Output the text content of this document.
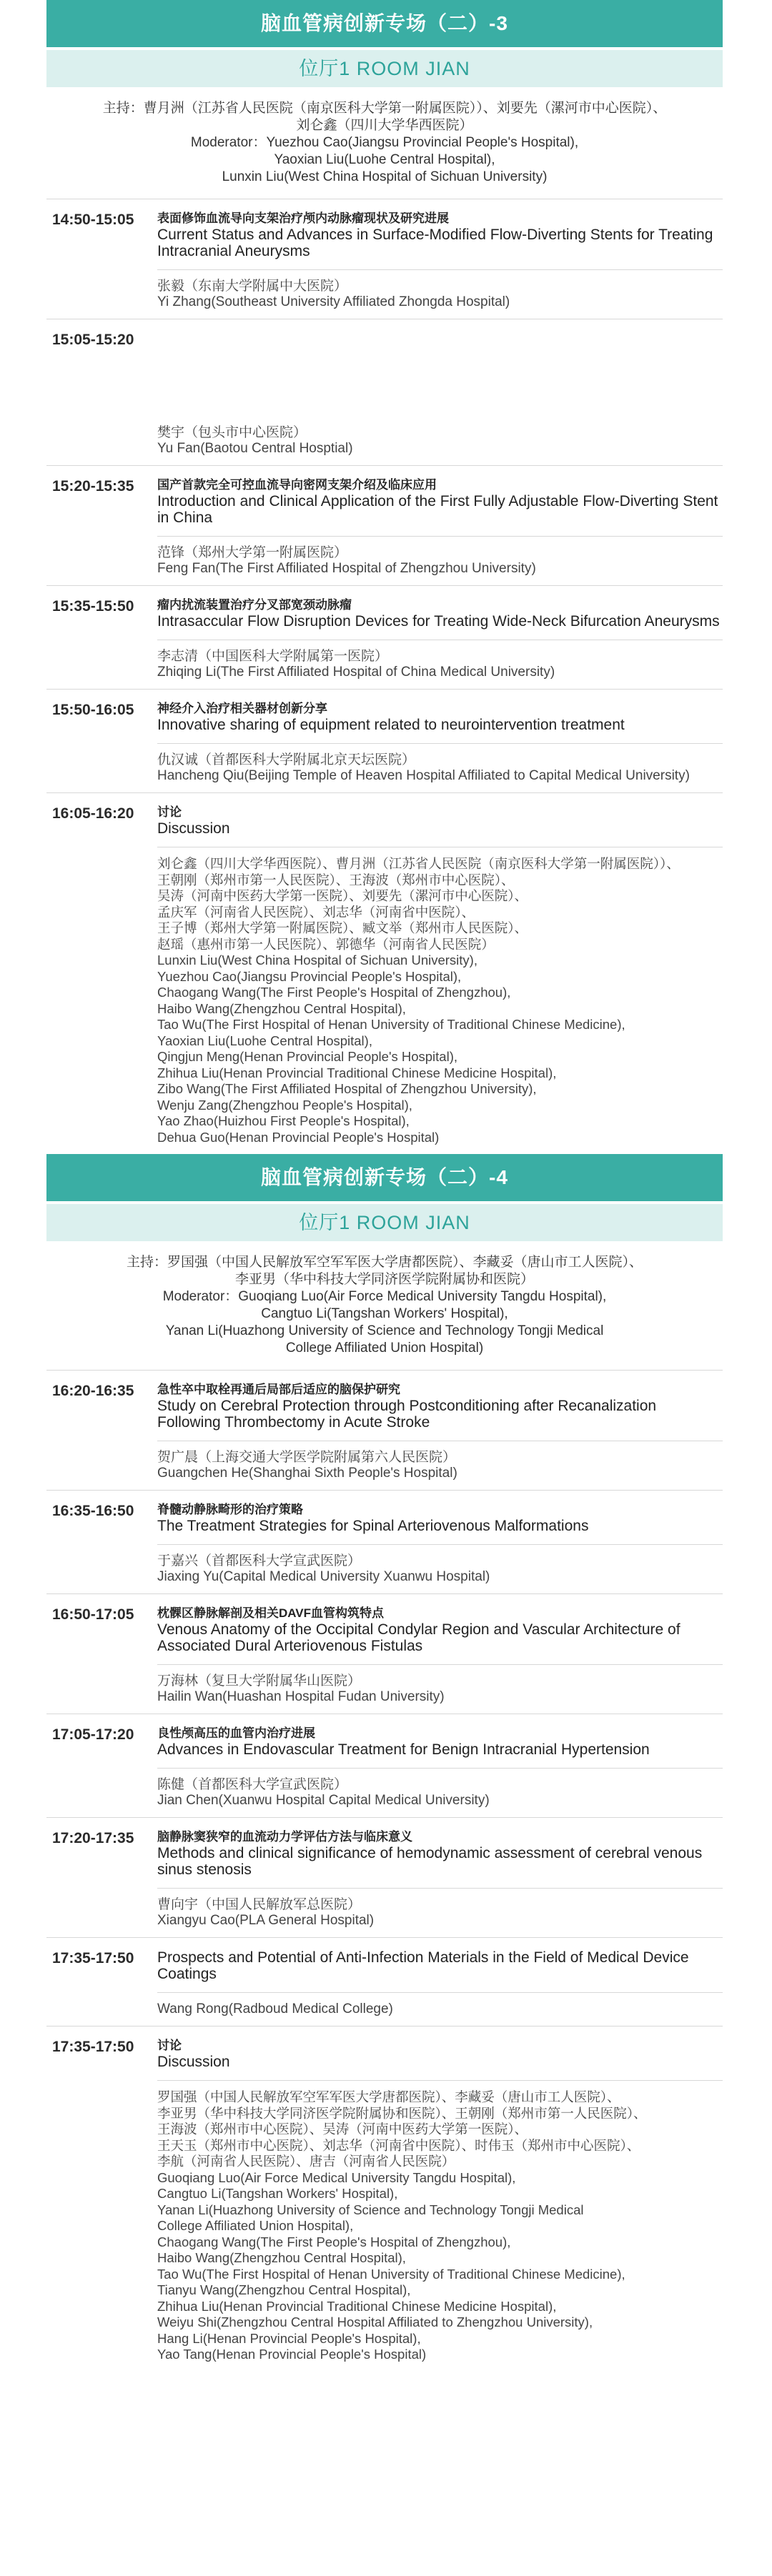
脑血管病创新专场（二）-3
位厅1 ROOM JIAN
主持：曹月洲（江苏省人民医院（南京医科大学第一附属医院））、刘要先（漯河市中心医院）、
刘仑鑫（四川大学华西医院）
Moderator：Yuezhou Cao(Jiangsu Provincial People's Hospital),
Yaoxian Liu(Luohe Central Hospital),
Lunxin Liu(West China Hospital of Sichuan University)
14:50-15:05 表面修饰血流导向支架治疗颅内动脉瘤现状及研究进展
Current Status and Advances in Surface-Modified Flow-Diverting Stents for Treating Intracranial Aneurysms
张毅（东南大学附属中大医院）
Yi Zhang(Southeast University Affiliated Zhongda Hospital)
15:05-15:20
樊宇（包头市中心医院）
Yu Fan(Baotou Central Hosptial)
15:20-15:35 国产首款完全可控血流导向密网支架介绍及临床应用
Introduction and Clinical Application of the First Fully Adjustable Flow-Diverting Stent in China
范锋（郑州大学第一附属医院）
Feng Fan(The First Affiliated Hospital of Zhengzhou University)
15:35-15:50 瘤内扰流装置治疗分叉部宽颈动脉瘤
Intrasaccular Flow Disruption Devices for Treating Wide-Neck Bifurcation Aneurysms
李志清（中国医科大学附属第一医院）
Zhiqing Li(The First Affiliated Hospital of China Medical University)
15:50-16:05 神经介入治疗相关器材创新分享
Innovative sharing of equipment related to neurointervention treatment
仇汉诚（首都医科大学附属北京天坛医院）
Hancheng Qiu(Beijing Temple of Heaven Hospital Affiliated to Capital Medical University)
16:05-16:20 讨论
Discussion
刘仑鑫（四川大学华西医院）、曹月洲（江苏省人民医院（南京医科大学第一附属医院））、
王朝刚（郑州市第一人民医院）、王海波（郑州市中心医院）、
吴涛（河南中医药大学第一医院）、刘要先（漯河市中心医院）、
孟庆军（河南省人民医院）、刘志华（河南省中医院）、
王子博（郑州大学第一附属医院）、臧文举（郑州市人民医院）、
赵瑶（惠州市第一人民医院）、郭德华（河南省人民医院）
Lunxin Liu(West China Hospital of Sichuan University),
Yuezhou Cao(Jiangsu Provincial People's Hospital),
Chaogang Wang(The First People's Hospital of Zhengzhou),
Haibo Wang(Zhengzhou Central Hospital),
Tao Wu(The First Hospital of Henan University of Traditional Chinese Medicine),
Yaoxian Liu(Luohe Central Hospital),
Qingjun Meng(Henan Provincial People's Hospital),
Zhihua Liu(Henan Provincial Traditional Chinese Medicine Hospital),
Zibo Wang(The First Affiliated Hospital of Zhengzhou University),
Wenju Zang(Zhengzhou People's Hospital),
Yao Zhao(Huizhou First People's Hospital),
Dehua Guo(Henan Provincial People's Hospital)
脑血管病创新专场（二）-4
位厅1 ROOM JIAN
主持：罗国强（中国人民解放军空军军医大学唐都医院）、李藏妥（唐山市工人医院）、
李亚男（华中科技大学同济医学院附属协和医院）
Moderator：Guoqiang Luo(Air Force Medical University Tangdu Hospital),
Cangtuo Li(Tangshan Workers' Hospital),
Yanan Li(Huazhong University of Science and Technology Tongji Medical
College Affiliated Union Hospital)
16:20-16:35 急性卒中取栓再通后局部后适应的脑保护研究
Study on Cerebral Protection through Postconditioning after Recanalization Following Thrombectomy in Acute Stroke
贺广晨（上海交通大学医学院附属第六人民医院）
Guangchen He(Shanghai Sixth People's Hospital)
16:35-16:50 脊髓动静脉畸形的治疗策略
The Treatment Strategies for Spinal Arteriovenous Malformations
于嘉兴（首都医科大学宣武医院）
Jiaxing Yu(Capital Medical University Xuanwu Hospital)
16:50-17:05 枕髁区静脉解剖及相关DAVF血管构筑特点
Venous Anatomy of the Occipital Condylar Region and Vascular Architecture of Associated Dural Arteriovenous Fistulas
万海林（复旦大学附属华山医院）
Hailin Wan(Huashan Hospital Fudan University)
17:05-17:20 良性颅高压的血管内治疗进展
Advances in Endovascular Treatment for Benign Intracranial Hypertension
陈健（首都医科大学宣武医院）
Jian Chen(Xuanwu Hospital Capital Medical University)
17:20-17:35 脑静脉窦狭窄的血流动力学评估方法与临床意义
Methods and clinical significance of hemodynamic assessment of cerebral venous sinus stenosis
曹向宇（中国人民解放军总医院）
Xiangyu Cao(PLA General Hospital)
17:35-17:50 Prospects and Potential of Anti-Infection Materials in the Field of Medical Device Coatings
Wang Rong(Radboud Medical College)
17:35-17:50 讨论
Discussion
罗国强（中国人民解放军空军军医大学唐都医院）、李藏妥（唐山市工人医院）、
李亚男（华中科技大学同济医学院附属协和医院）、王朝刚（郑州市第一人民医院）、
王海波（郑州市中心医院）、吴涛（河南中医药大学第一医院）、
王天玉（郑州市中心医院）、刘志华（河南省中医院）、时伟玉（郑州市中心医院）、
李航（河南省人民医院）、唐吉（河南省人民医院）
Guoqiang Luo(Air Force Medical University Tangdu Hospital),
Cangtuo Li(Tangshan Workers' Hospital),
Yanan Li(Huazhong University of Science and Technology Tongji Medical
College Affiliated Union Hospital),
Chaogang Wang(The First People's Hospital of Zhengzhou),
Haibo Wang(Zhengzhou Central Hospital),
Tao Wu(The First Hospital of Henan University of Traditional Chinese Medicine),
Tianyu Wang(Zhengzhou Central Hospital),
Zhihua Liu(Henan Provincial Traditional Chinese Medicine Hospital),
Weiyu Shi(Zhengzhou Central Hospital Affiliated to Zhengzhou University),
Hang Li(Henan Provincial People's Hospital),
Yao Tang(Henan Provincial People's Hospital)
